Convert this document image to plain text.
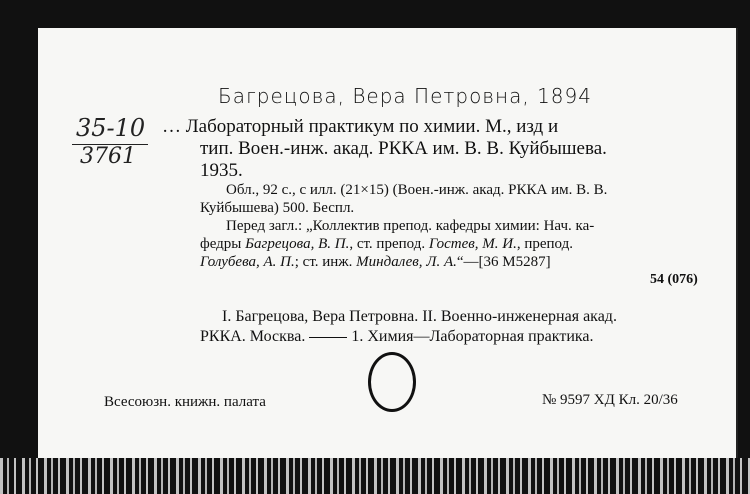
Багрецова, Вера Петровна, 1894
35-10
3761
… Лабораторный практикум по химии. М., изд и
тип. Воен.-инж. акад. РККА им. В. В. Куйбышева.
1935.
Обл., 92 с., с илл. (21×15) (Воен.-инж. акад. РККА им. В. В.
Куйбышева) 500. Беспл.
Перед загл.: „Коллектив препод. кафедры химии: Нач. ка-
федры Багрецова, В. П., ст. препод. Гостев, М. И., препод.
Голубева, А. П.; ст. инж. Миндалев, Л. А.“—[36 М5287]
54 (076)
I. Багрецова, Вера Петровна. II. Военно-инженерная акад.
РККА. Москва.	1. Химия—Лабораторная практика.
Всесоюзн. книжн. палата	№ 9597 ХД Кл. 20/36
